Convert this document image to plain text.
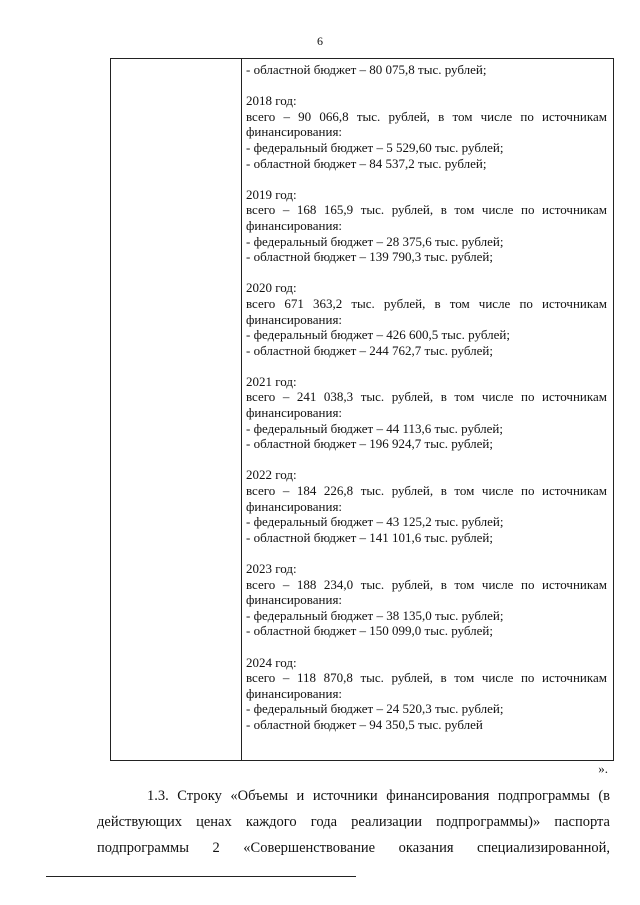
6
- областной бюджет – 80 075,8 тыс. рублей;
2018 год:
всего – 90 066,8 тыс. рублей, в том числе по источникам
финансирования:
- федеральный бюджет – 5 529,60 тыс. рублей;
- областной бюджет – 84 537,2 тыс. рублей;
2019 год:
всего – 168 165,9 тыс. рублей, в том числе по источникам
финансирования:
- федеральный бюджет – 28 375,6 тыс. рублей;
- областной бюджет – 139 790,3 тыс. рублей;
2020 год:
всего 671 363,2 тыс. рублей, в том числе по источникам
финансирования:
- федеральный бюджет – 426 600,5 тыс. рублей;
- областной бюджет – 244 762,7 тыс. рублей;
2021 год:
всего – 241 038,3 тыс. рублей, в том числе по источникам
финансирования:
- федеральный бюджет – 44 113,6 тыс. рублей;
- областной бюджет – 196 924,7 тыс. рублей;
2022 год:
всего – 184 226,8 тыс. рублей, в том числе по источникам
финансирования:
- федеральный бюджет – 43 125,2 тыс. рублей;
- областной бюджет – 141 101,6 тыс. рублей;
2023 год:
всего – 188 234,0 тыс. рублей, в том числе по источникам
финансирования:
- федеральный бюджет – 38 135,0 тыс. рублей;
- областной бюджет – 150 099,0 тыс. рублей;
2024 год:
всего – 118 870,8 тыс. рублей, в том числе по источникам
финансирования:
- федеральный бюджет – 24 520,3 тыс. рублей;
- областной бюджет – 94 350,5 тыс. рублей
».
1.3. Строку «Объемы и источники финансирования подпрограммы (в
действующих ценах каждого года реализации подпрограммы)» паспорта
подпрограммы 2 «Совершенствование оказания специализированной,
